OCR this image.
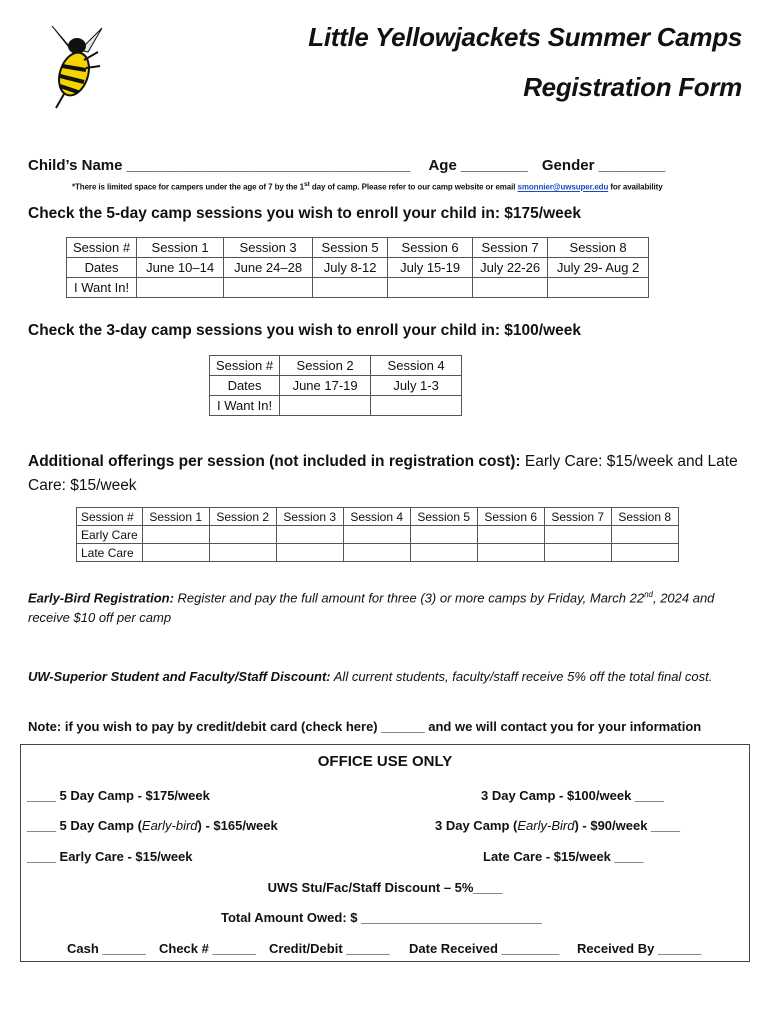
Little Yellowjackets Summer Camps
Registration Form
Child’s Name __________________________________ Age ________ Gender ________
*There is limited space for campers under the age of 7 by the 1st day of camp. Please refer to our camp website or email smonnier@uwsuper.edu for availability
Check the 5-day camp sessions you wish to enroll your child in: $175/week
Session #	Session 1	Session 3	Session 5	Session 6	Session 7	Session 8
Dates	June 10–14	June 24–28	July 8-12	July 15-19	July 22-26	July 29- Aug 2
I Want In!						
Check the 3-day camp sessions you wish to enroll your child in: $100/week
Session #	Session 2	Session 4
Dates	June 17-19	July 1-3
I Want In!		
Additional offerings per session (not included in registration cost): Early Care: $15/week and Late Care: $15/week
Session #	Session 1	Session 2	Session 3	Session 4	Session 5	Session 6	Session 7	Session 8
Early Care								
Late Care								
Early-Bird Registration: Register and pay the full amount for three (3) or more camps by Friday, March 22nd, 2024 and receive $10 off per camp
UW-Superior Student and Faculty/Staff Discount: All current students, faculty/staff receive 5% off the total final cost.
Note: if you wish to pay by credit/debit card (check here) ______ and we will contact you for your information
OFFICE USE ONLY
____ 5 Day Camp - $175/week	3 Day Camp - $100/week ____
____ 5 Day Camp (Early-bird) - $165/week	3 Day Camp (Early-Bird) - $90/week ____
____ Early Care - $15/week	Late Care - $15/week ____
UWS Stu/Fac/Staff Discount – 5%____
Total Amount Owed: $ _________________________
Cash ______ Check # ______ Credit/Debit ______ Date Received ________ Received By ______
